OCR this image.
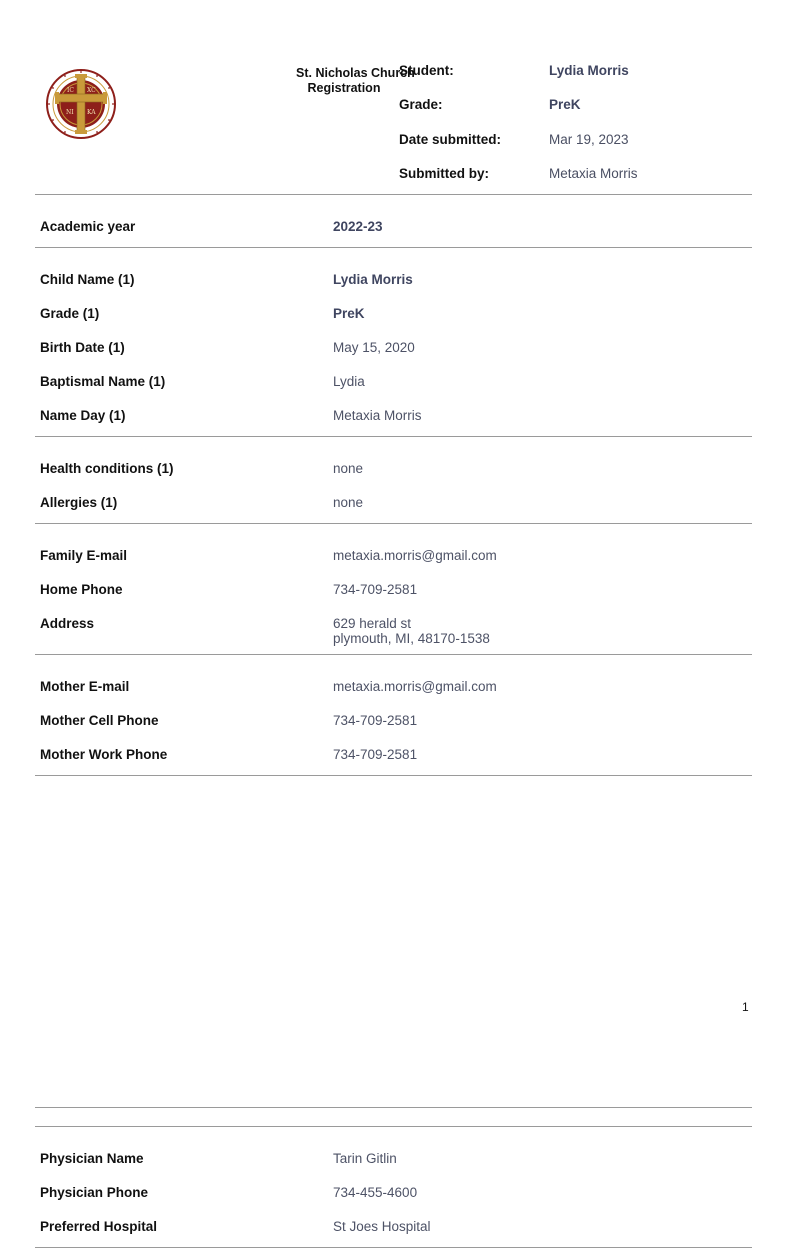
IC XC
NI KA
St. Nicholas Church
Registration
Student:	Lydia Morris
Grade:	PreK
Date submitted:	Mar 19, 2023
Submitted by:	Metaxia Morris
Academic year	2022-23
Child Name (1)	Lydia Morris
Grade (1)	PreK
Birth Date (1)	May 15, 2020
Baptismal Name (1)	Lydia
Name Day (1)	Metaxia Morris
Health conditions (1)	none
Allergies (1)	none
Family E-mail	metaxia.morris@gmail.com
Home Phone	734-709-2581
Address	629 herald st
plymouth, MI, 48170-1538
Mother E-mail	metaxia.morris@gmail.com
Mother Cell Phone	734-709-2581
Mother Work Phone	734-709-2581
1
Physician Name	Tarin Gitlin
Physician Phone	734-455-4600
Preferred Hospital	St Joes Hospital
